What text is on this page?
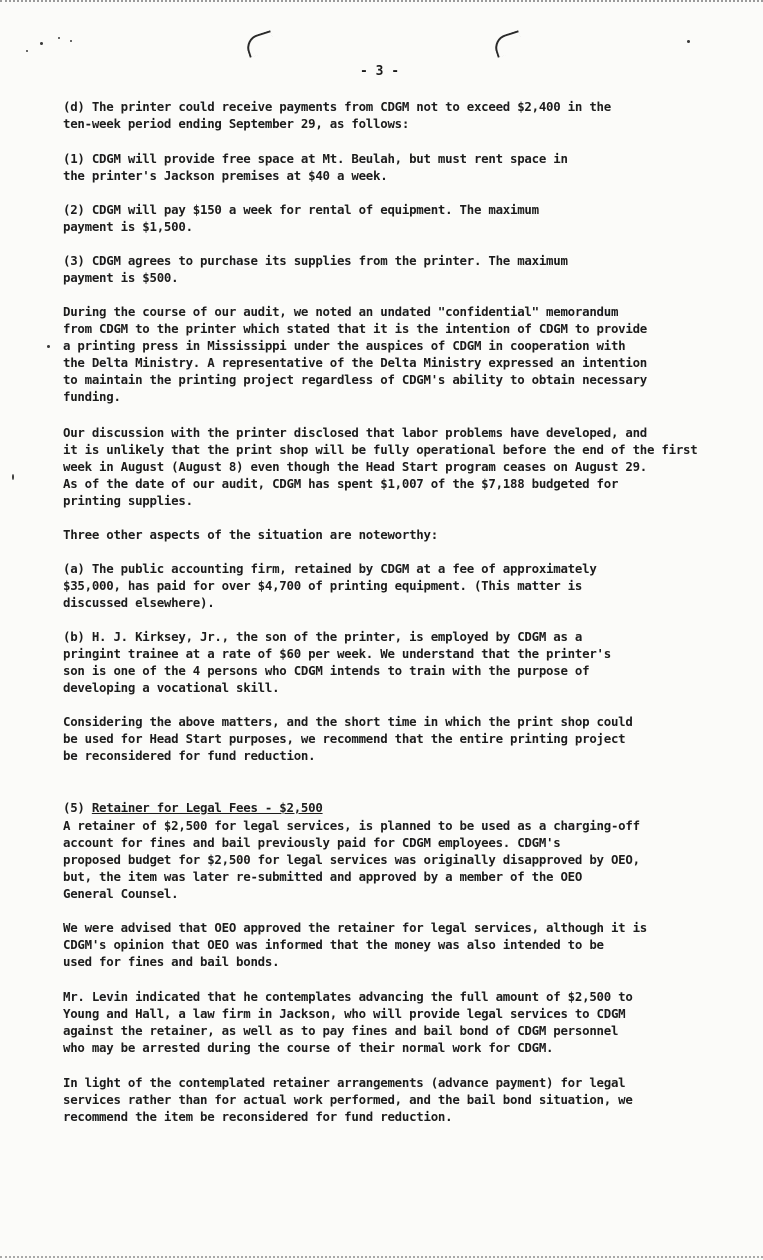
- 3 -
(d) The printer could receive payments from CDGM not to exceed $2,400 in the
ten-week period ending September 29, as follows:
(1) CDGM will provide free space at Mt. Beulah, but must rent space in
the printer's Jackson premises at $40 a week.
(2) CDGM will pay $150 a week for rental of equipment. The maximum
payment is $1,500.
(3) CDGM agrees to purchase its supplies from the printer. The maximum
payment is $500.
During the course of our audit, we noted an undated "confidential" memorandum
from CDGM to the printer which stated that it is the intention of CDGM to provide
a printing press in Mississippi under the auspices of CDGM in cooperation with
the Delta Ministry. A representative of the Delta Ministry expressed an intention
to maintain the printing project regardless of CDGM's ability to obtain necessary
funding.
Our discussion with the printer disclosed that labor problems have developed, and
it is unlikely that the print shop will be fully operational before the end of the first
week in August (August 8) even though the Head Start program ceases on August 29.
As of the date of our audit, CDGM has spent $1,007 of the $7,188 budgeted for
printing supplies.
Three other aspects of the situation are noteworthy:
(a) The public accounting firm, retained by CDGM at a fee of approximately
$35,000, has paid for over $4,700 of printing equipment. (This matter is
discussed elsewhere).
(b) H. J. Kirksey, Jr., the son of the printer, is employed by CDGM as a
pringint trainee at a rate of $60 per week. We understand that the printer's
son is one of the 4 persons who CDGM intends to train with the purpose of
developing a vocational skill.
Considering the above matters, and the short time in which the print shop could
be used for Head Start purposes, we recommend that the entire printing project
be reconsidered for fund reduction.

(5) Retainer for Legal Fees - $2,500

A retainer of $2,500 for legal services, is planned to be used as a charging-off
account for fines and bail previously paid for CDGM employees. CDGM's
proposed budget for $2,500 for legal services was originally disapproved by OEO,
but, the item was later re-submitted and approved by a member of the OEO
General Counsel.
We were advised that OEO approved the retainer for legal services, although it is
CDGM's opinion that OEO was informed that the money was also intended to be
used for fines and bail bonds.
Mr. Levin indicated that he contemplates advancing the full amount of $2,500 to
Young and Hall, a law firm in Jackson, who will provide legal services to CDGM
against the retainer, as well as to pay fines and bail bond of CDGM personnel
who may be arrested during the course of their normal work for CDGM.
In light of the contemplated retainer arrangements (advance payment) for legal
services rather than for actual work performed, and the bail bond situation, we
recommend the item be reconsidered for fund reduction.
